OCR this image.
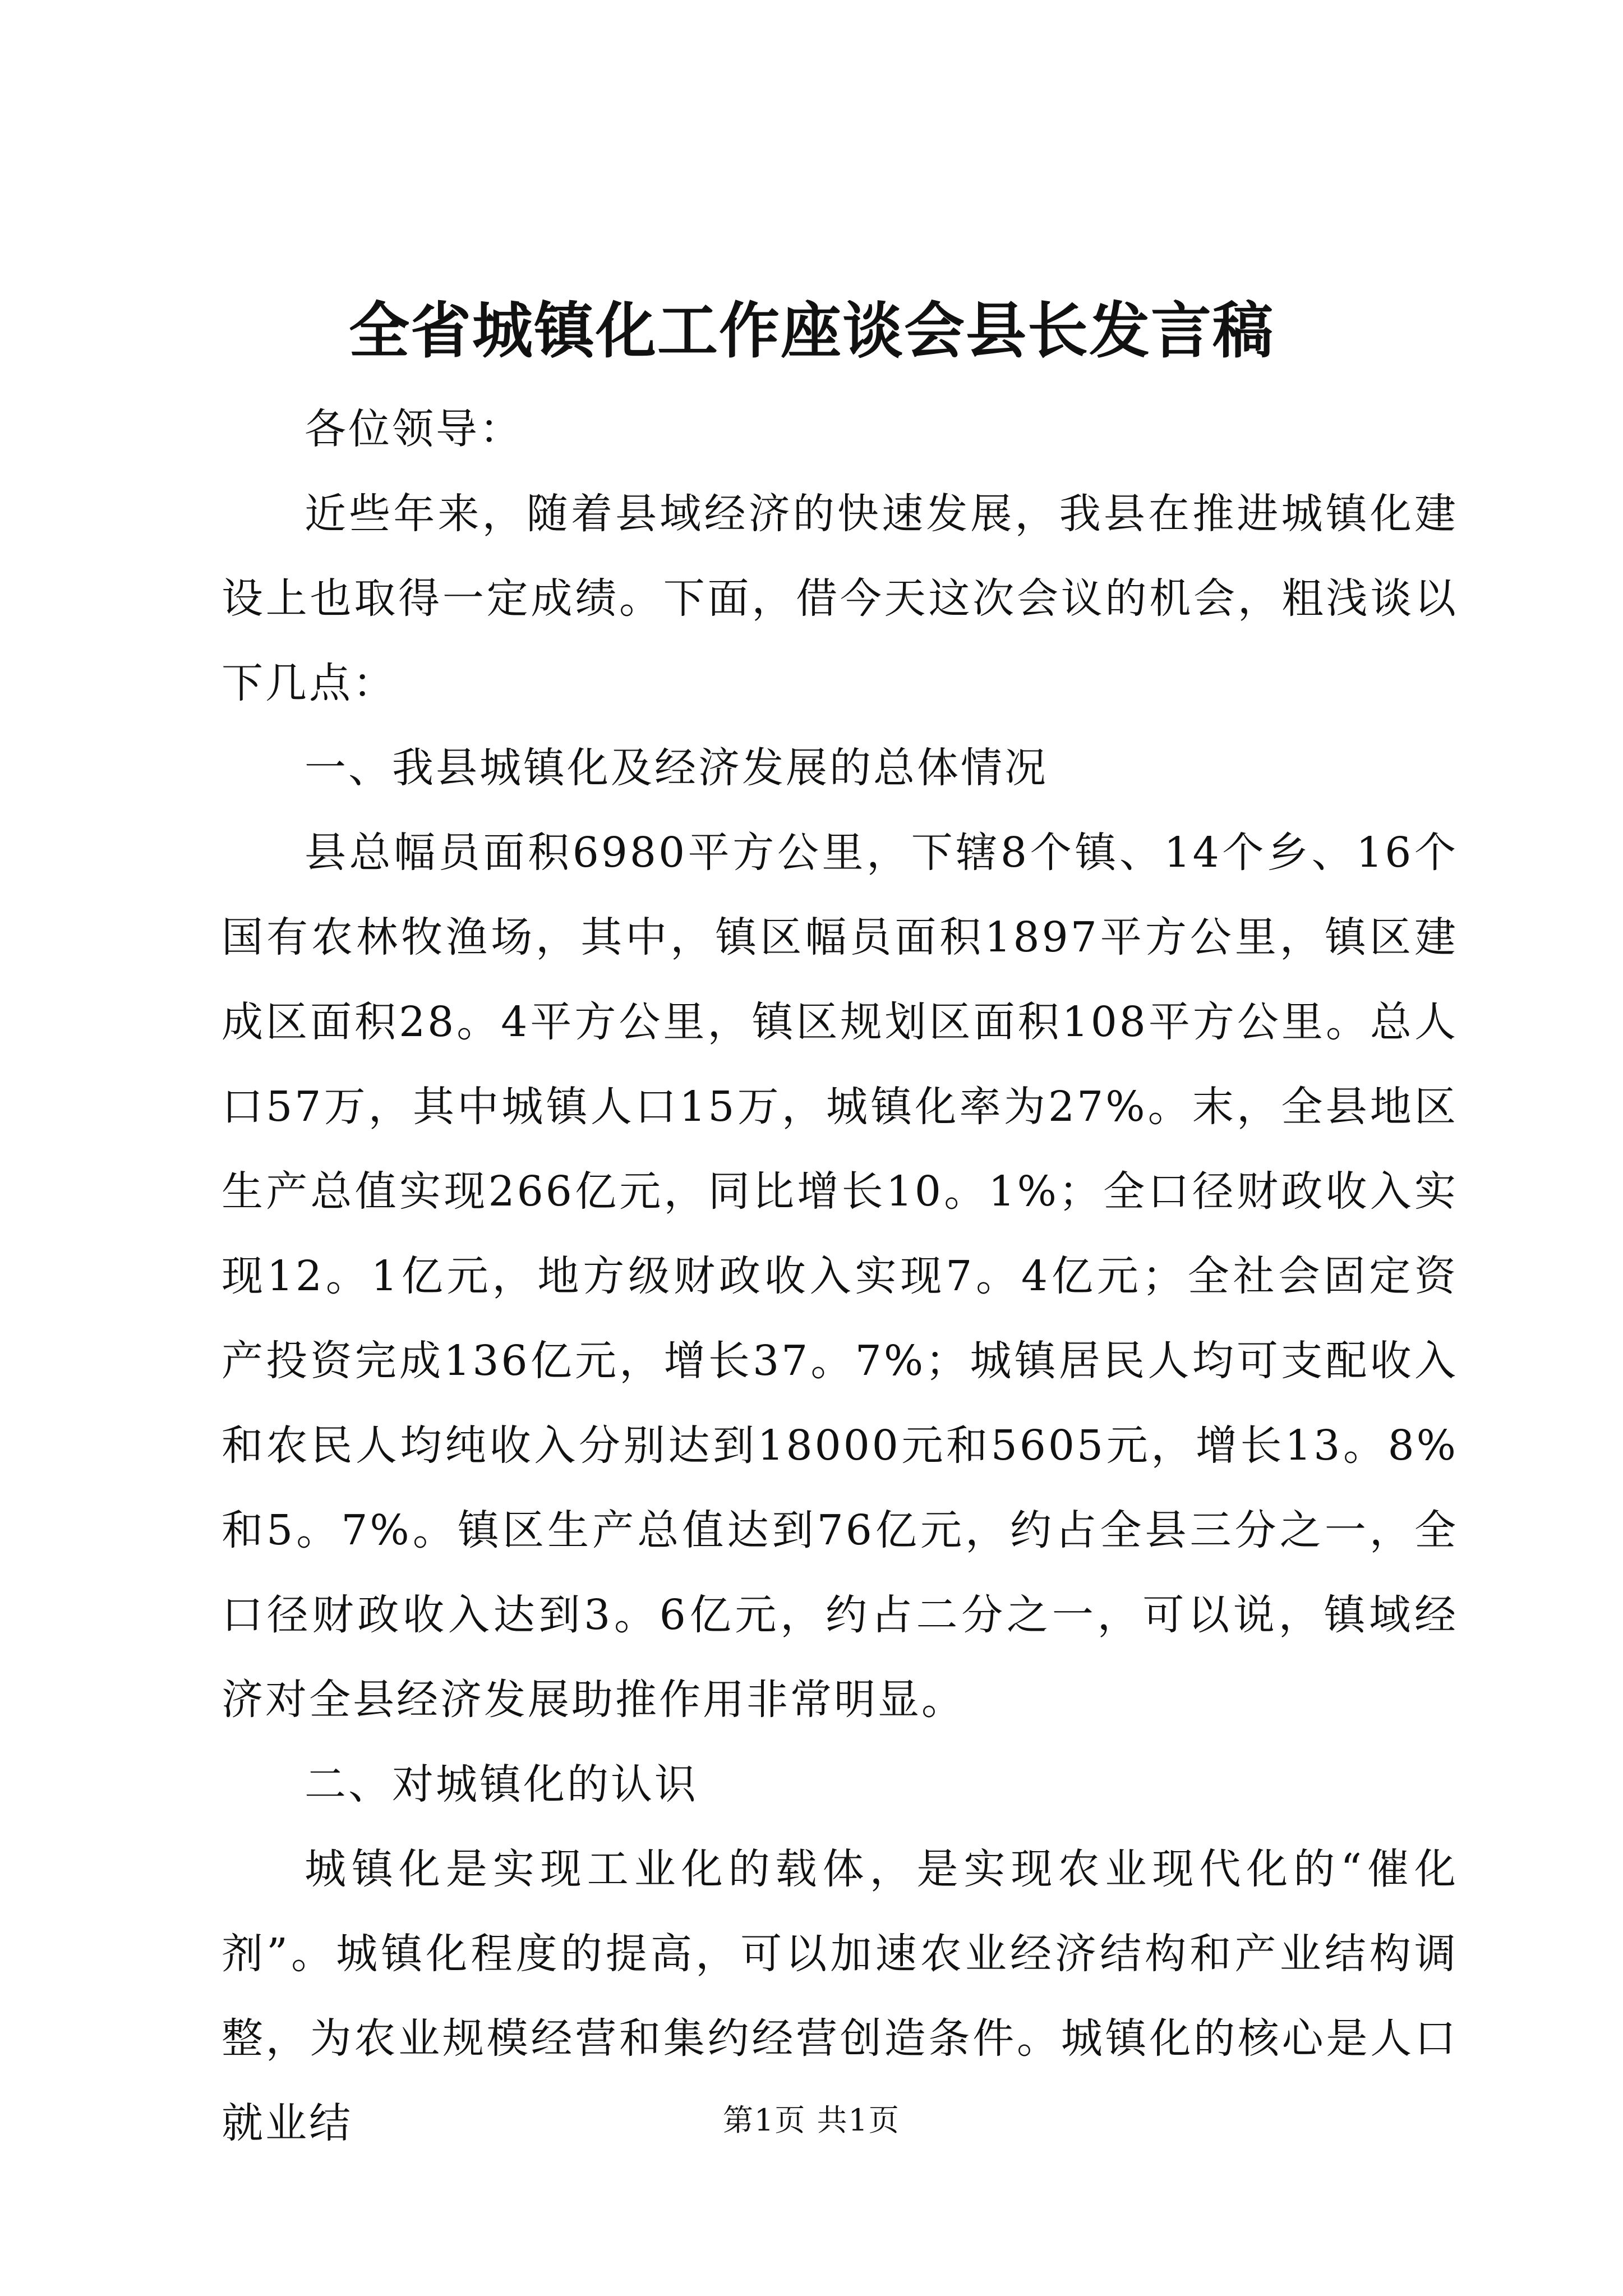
全省城镇化工作座谈会县长发言稿

各位领导：

近些年来，随着县域经济的快速发展，我县在推进城镇化建设上也取得一定成绩。下面，借今天这次会议的机会，粗浅谈以下几点：

一、我县城镇化及经济发展的总体情况

县总幅员面积6980平方公里，下辖8个镇、14个乡、16个国有农林牧渔场，其中，镇区幅员面积1897平方公里，镇区建成区面积28。4平方公里，镇区规划区面积108平方公里。总人口57万，其中城镇人口15万，城镇化率为27%。末，全县地区生产总值实现266亿元，同比增长10。1%；全口径财政收入实现12。1亿元，地方级财政收入实现7。4亿元；全社会固定资产投资完成136亿元，增长37。7%；城镇居民人均可支配收入和农民人均纯收入分别达到18000元和5605元，增长13。8%和5。7%。镇区生产总值达到76亿元，约占全县三分之一，全口径财政收入达到3。6亿元，约占二分之一，可以说，镇域经济对全县经济发展助推作用非常明显。

二、对城镇化的认识

城镇化是实现工业化的载体，是实现农业现代化的“催化剂”。城镇化程度的提高，可以加速农业经济结构和产业结构调整，为农业规模经营和集约经营创造条件。城镇化的核心是人口就业结	第1页 共1页
